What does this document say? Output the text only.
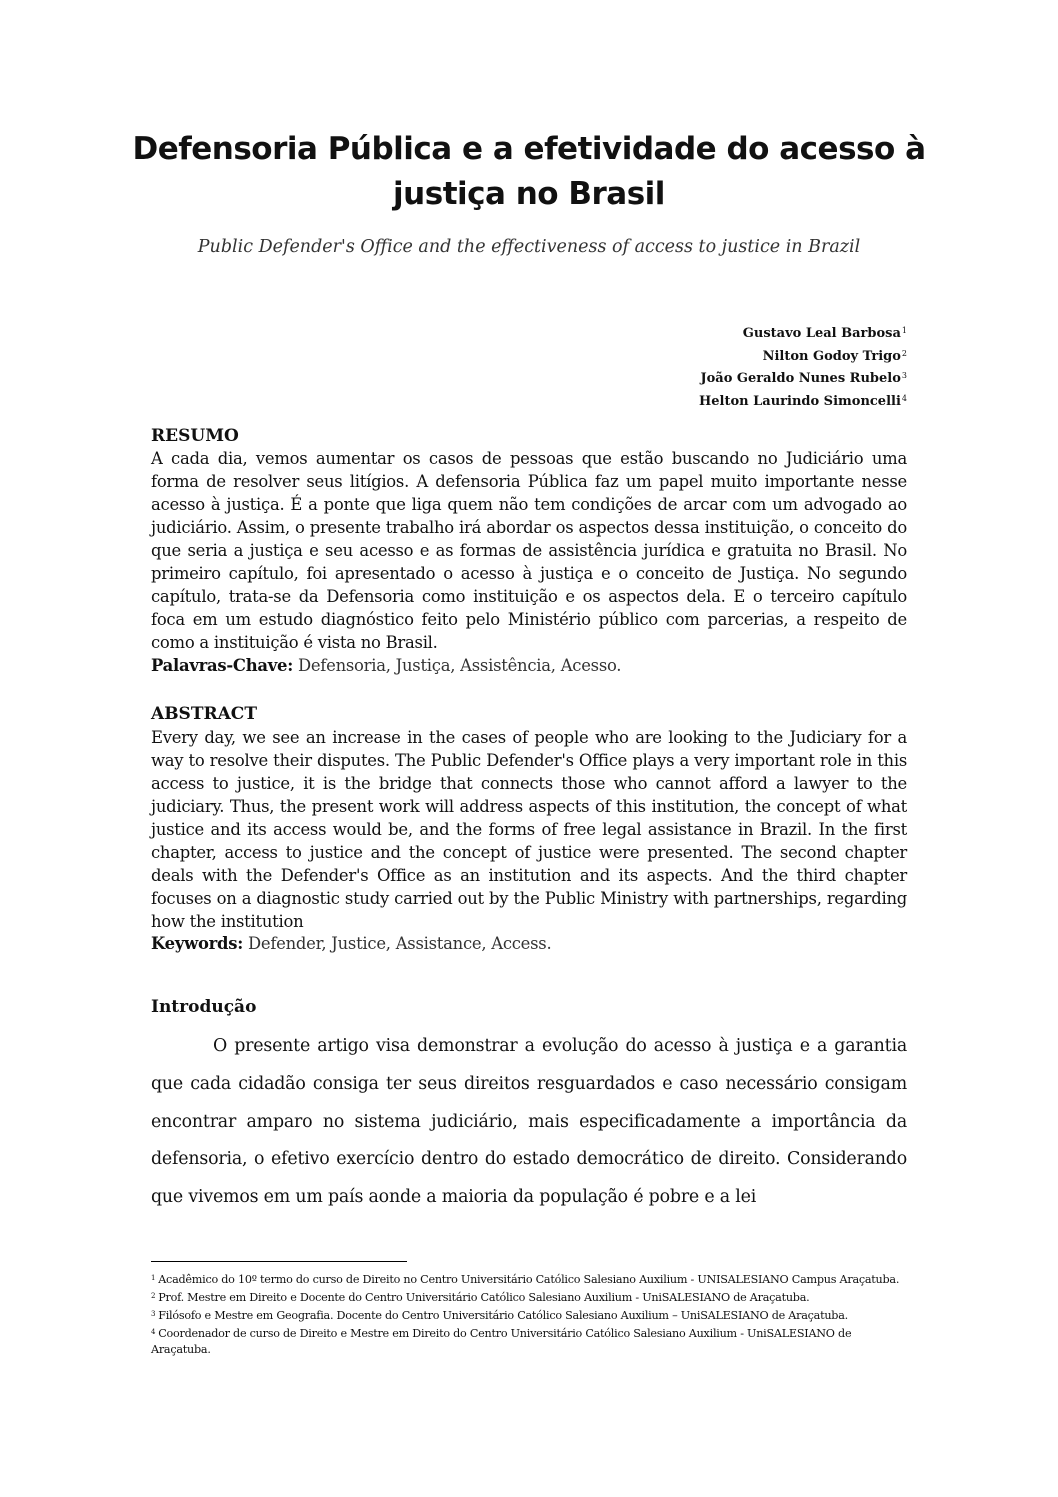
Defensoria Pública e a efetividade do acesso à justiça no Brasil

Public Defender's Office and the effectiveness of access to justice in Brazil

Gustavo Leal Barbosa$^1$
Nilton Godoy Trigo$^2$
João Geraldo Nunes Rubelo$^3$
Helton Laurindo Simoncelli$^4$
RESUMO

A cada dia, vemos aumentar os casos de pessoas que estão buscando no Judiciário uma forma de resolver seus litígios. A defensoria Pública faz um papel muito importante nesse acesso à justiça. É a ponte que liga quem não tem condições de arcar com um advogado ao judiciário. Assim, o presente trabalho irá abordar os aspectos dessa instituição, o conceito do que seria a justiça e seu acesso e as formas de assistência jurídica e gratuita no Brasil. No primeiro capítulo, foi apresentado o acesso à justiça e o conceito de Justiça. No segundo capítulo, trata-se da Defensoria como instituição e os aspectos dela. E o terceiro capítulo foca em um estudo diagnóstico feito pelo Ministério público com parcerias, a respeito de como a instituição é vista no Brasil.

Palavras-Chave: Defensoria, Justiça, Assistência, Acesso.

ABSTRACT

Every day, we see an increase in the cases of people who are looking to the Judiciary for a way to resolve their disputes. The Public Defender's Office plays a very important role in this access to justice, it is the bridge that connects those who cannot afford a lawyer to the judiciary. Thus, the present work will address aspects of this institution, the concept of what justice and its access would be, and the forms of free legal assistance in Brazil. In the first chapter, access to justice and the concept of justice were presented. The second chapter deals with the Defender's Office as an institution and its aspects. And the third chapter focuses on a diagnostic study carried out by the Public Ministry with partnerships, regarding how the institution

Keywords: Defender, Justice, Assistance, Access.

Introdução

O presente artigo visa demonstrar a evolução do acesso à justiça e a garantia que cada cidadão consiga ter seus direitos resguardados e caso necessário consigam encontrar amparo no sistema judiciário, mais especificadamente a importância da defensoria, o efetivo exercício dentro do estado democrático de direito. Considerando que vivemos em um país aonde a maioria da população é pobre e a lei

$^1$ Acadêmico do 10º termo do curso de Direito no Centro Universitário Católico Salesiano Auxilium - UNISALESIANO Campus Araçatuba.
$^2$ Prof. Mestre em Direito e Docente do Centro Universitário Católico Salesiano Auxilium - UniSALESIANO de Araçatuba.
$^3$ Filósofo e Mestre em Geografia. Docente do Centro Universitário Católico Salesiano Auxilium – UniSALESIANO de Araçatuba.
$^4$ Coordenador de curso de Direito e Mestre em Direito do Centro Universitário Católico Salesiano Auxilium - UniSALESIANO de Araçatuba.
